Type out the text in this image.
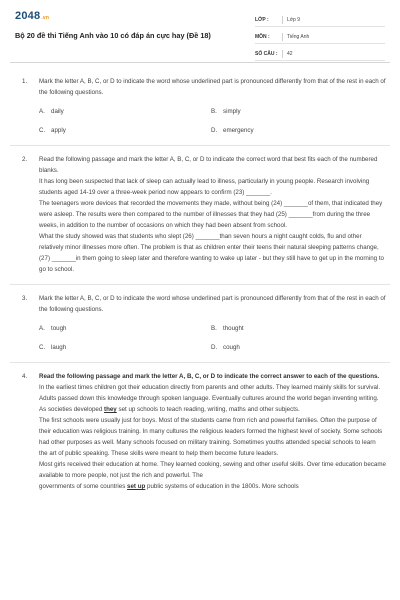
2048.vn
Bộ 20 đề thi Tiếng Anh vào 10 có đáp án cực hay (Đề 18)
LỚP :	Lớp 9
MÔN :	Tiếng Anh
SỐ CÂU :	42
1. Mark the letter A, B, C, or D to indicate the word whose underlined part is pronounced differently from that of the rest in each of the following questions.
A. daily	B. simply
C. apply	D. emergency
2. Read the following passage and mark the letter A, B, C, or D to indicate the correct word that best fits each of the numbered blanks.
It has long been suspected that lack of sleep can actually lead to illness, particularly in young people. Research involving students aged 14-19 over a three-week period now appears to confirm (23) _______.
The teenagers wore devices that recorded the movements they made, without being (24) _______of them, that indicated they were asleep. The results were then compared to the number of illnesses that they had (25) _______from during the three weeks, in addition to the number of occasions on which they had been absent from school.
What the study showed was that students who slept (26) _______than seven hours a night caught colds, flu and other relatively minor illnesses more often. The problem is that as children enter their teens their natural sleeping patterns change, (27) _______in them going to sleep later and therefore wanting to wake up later - but they still have to get up in the morning to go to school.
3. Mark the letter A, B, C, or D to indicate the word whose underlined part is pronounced differently from that of the rest in each of the following questions.
A. tough	B. thought
C. laugh	D. cough
4. Read the following passage and mark the letter A, B, C, or D to indicate the correct answer to each of the questions.
In the earliest times children got their education directly from parents and other adults. They learned mainly skills for survival. Adults passed down this knowledge through spoken language. Eventually cultures around the world began inventing writing. As societies developed they set up schools to teach reading, writing, maths and other subjects.
The first schools were usually just for boys. Most of the students came from rich and powerful families. Often the purpose of their education was religious training. In many cultures the religious leaders formed the highest level of society. Some schools had other purposes as well. Many schools focused on military training. Sometimes youths attended special schools to learn the art of public speaking. These skills were meant to help them become future leaders.
Most girls received their education at home. They learned cooking, sewing and other useful skills. Over time education became available to more people, not just the rich and powerful. The
governments of some countries set up public systems of education in the 1800s. More schools
